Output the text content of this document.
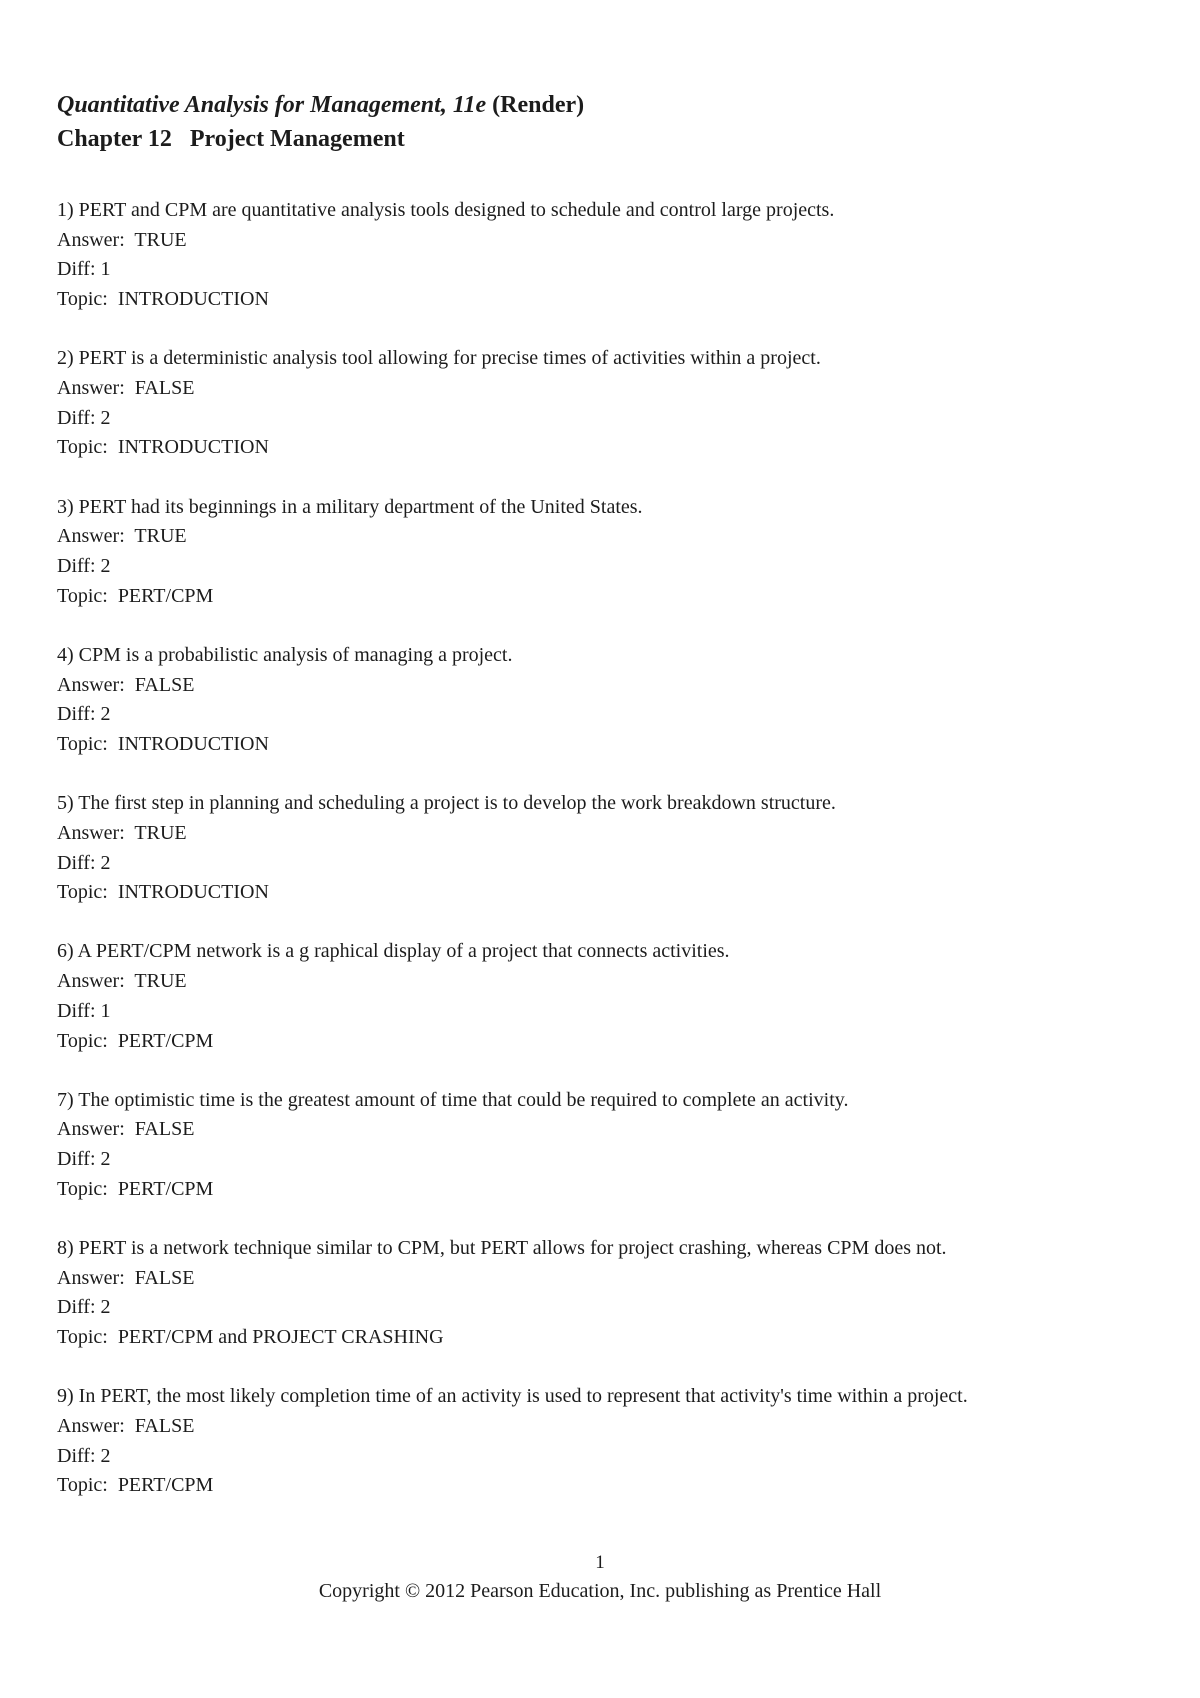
Quantitative Analysis for Management, 11e (Render)
Chapter 12 Project Management
1) PERT and CPM are quantitative analysis tools designed to schedule and control large projects.
Answer: TRUE
Diff: 1
Topic: INTRODUCTION
2) PERT is a deterministic analysis tool allowing for precise times of activities within a project.
Answer: FALSE
Diff: 2
Topic: INTRODUCTION
3) PERT had its beginnings in a military department of the United States.
Answer: TRUE
Diff: 2
Topic: PERT/CPM
4) CPM is a probabilistic analysis of managing a project.
Answer: FALSE
Diff: 2
Topic: INTRODUCTION
5) The first step in planning and scheduling a project is to develop the work breakdown structure.
Answer: TRUE
Diff: 2
Topic: INTRODUCTION
6) A PERT/CPM network is a g raphical display of a project that connects activities.
Answer: TRUE
Diff: 1
Topic: PERT/CPM
7) The optimistic time is the greatest amount of time that could be required to complete an activity.
Answer: FALSE
Diff: 2
Topic: PERT/CPM
8) PERT is a network technique similar to CPM, but PERT allows for project crashing, whereas CPM does not.
Answer: FALSE
Diff: 2
Topic: PERT/CPM and PROJECT CRASHING
9) In PERT, the most likely completion time of an activity is used to represent that activity's time within a project.
Answer: FALSE
Diff: 2
Topic: PERT/CPM
1
Copyright © 2012 Pearson Education, Inc. publishing as Prentice Hall
